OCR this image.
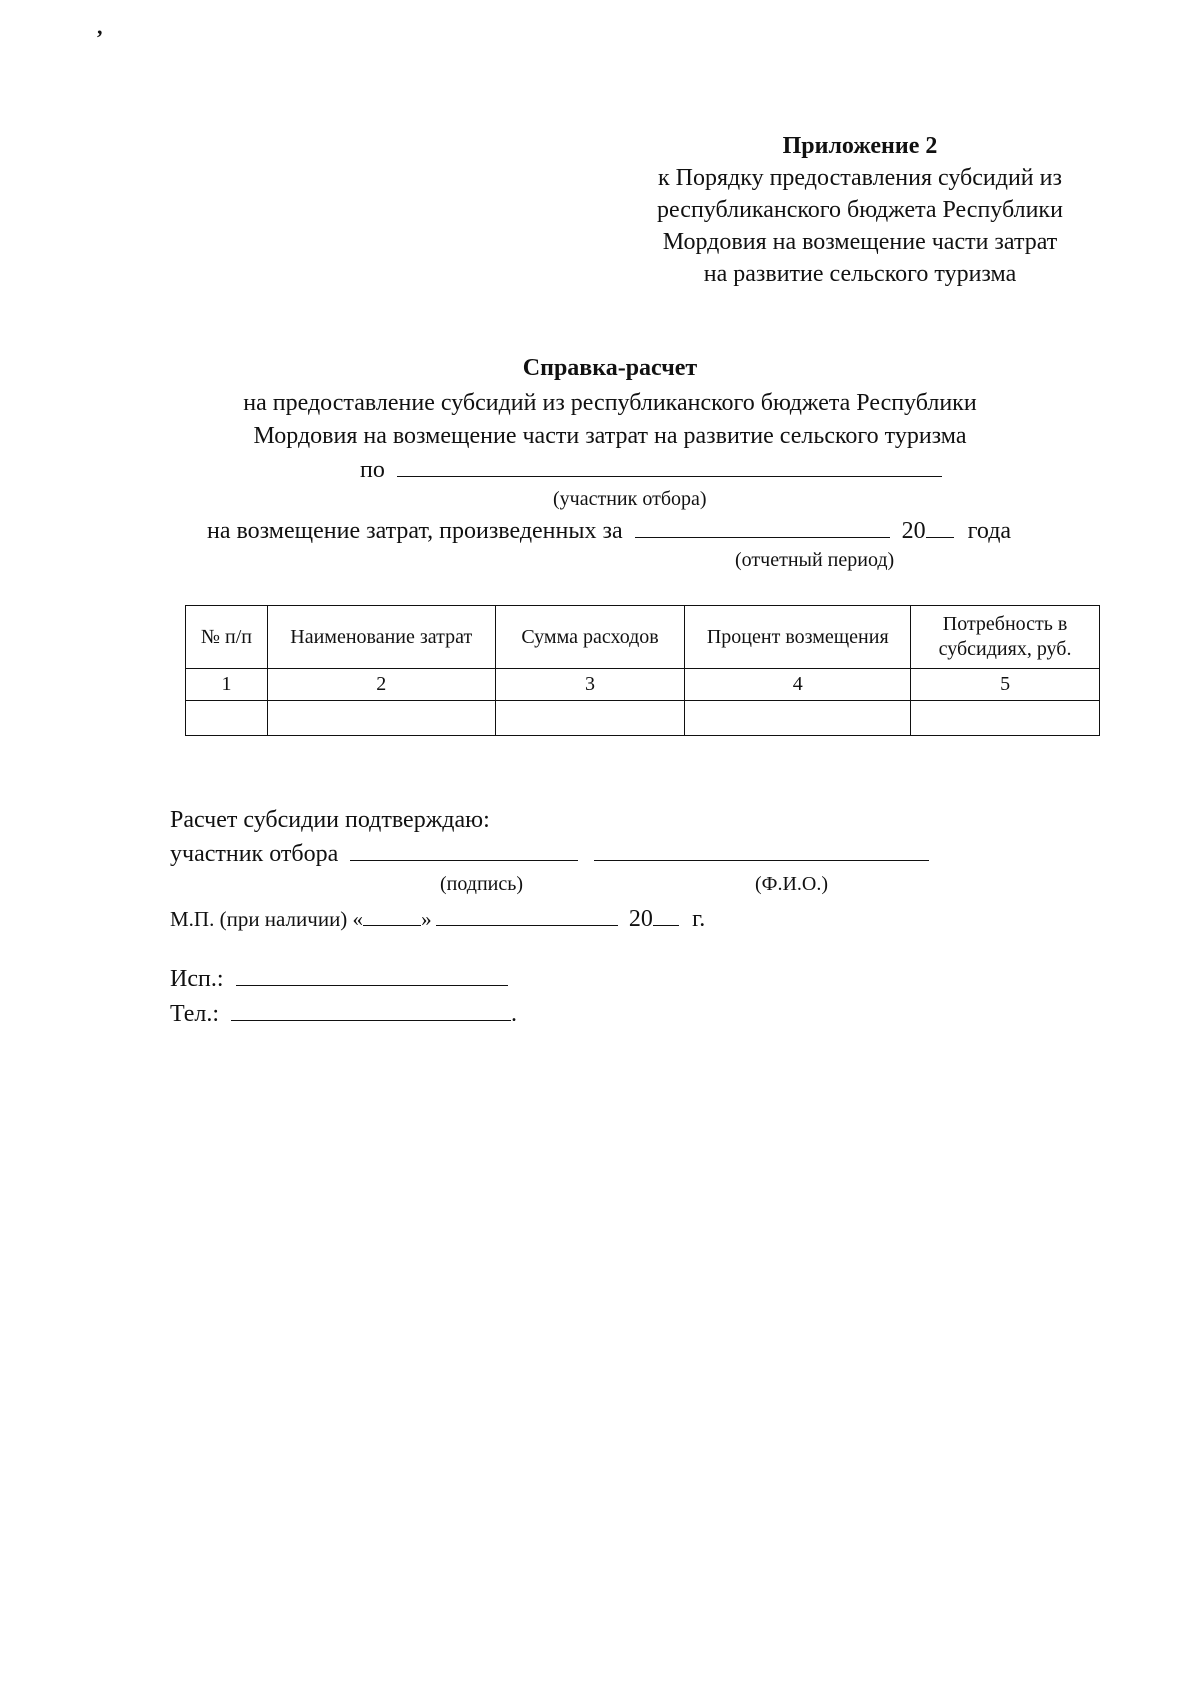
,
Приложение 2
к Порядку предоставления субсидий из
республиканского бюджета Республики
Мордовия на возмещение части затрат
на развитие сельского туризма
Справка-расчет
на предоставление субсидий из республиканского бюджета Республики
Мордовия на возмещение части затрат на развитие сельского туризма
по
(участник отбора)
на возмещение затрат, произведенных за	20 года
(отчетный период)
№ п/п	Наименование затрат	Сумма расходов	Процент возмещения	Потребность в субсидиях, руб.
1	2	3	4	5

Расчет субсидии подтверждаю:
участник отбора
(подпись)	(Ф.И.О.)
М.П. (при наличии) «	»	20 г.
Исп.:
Тел.:	.
